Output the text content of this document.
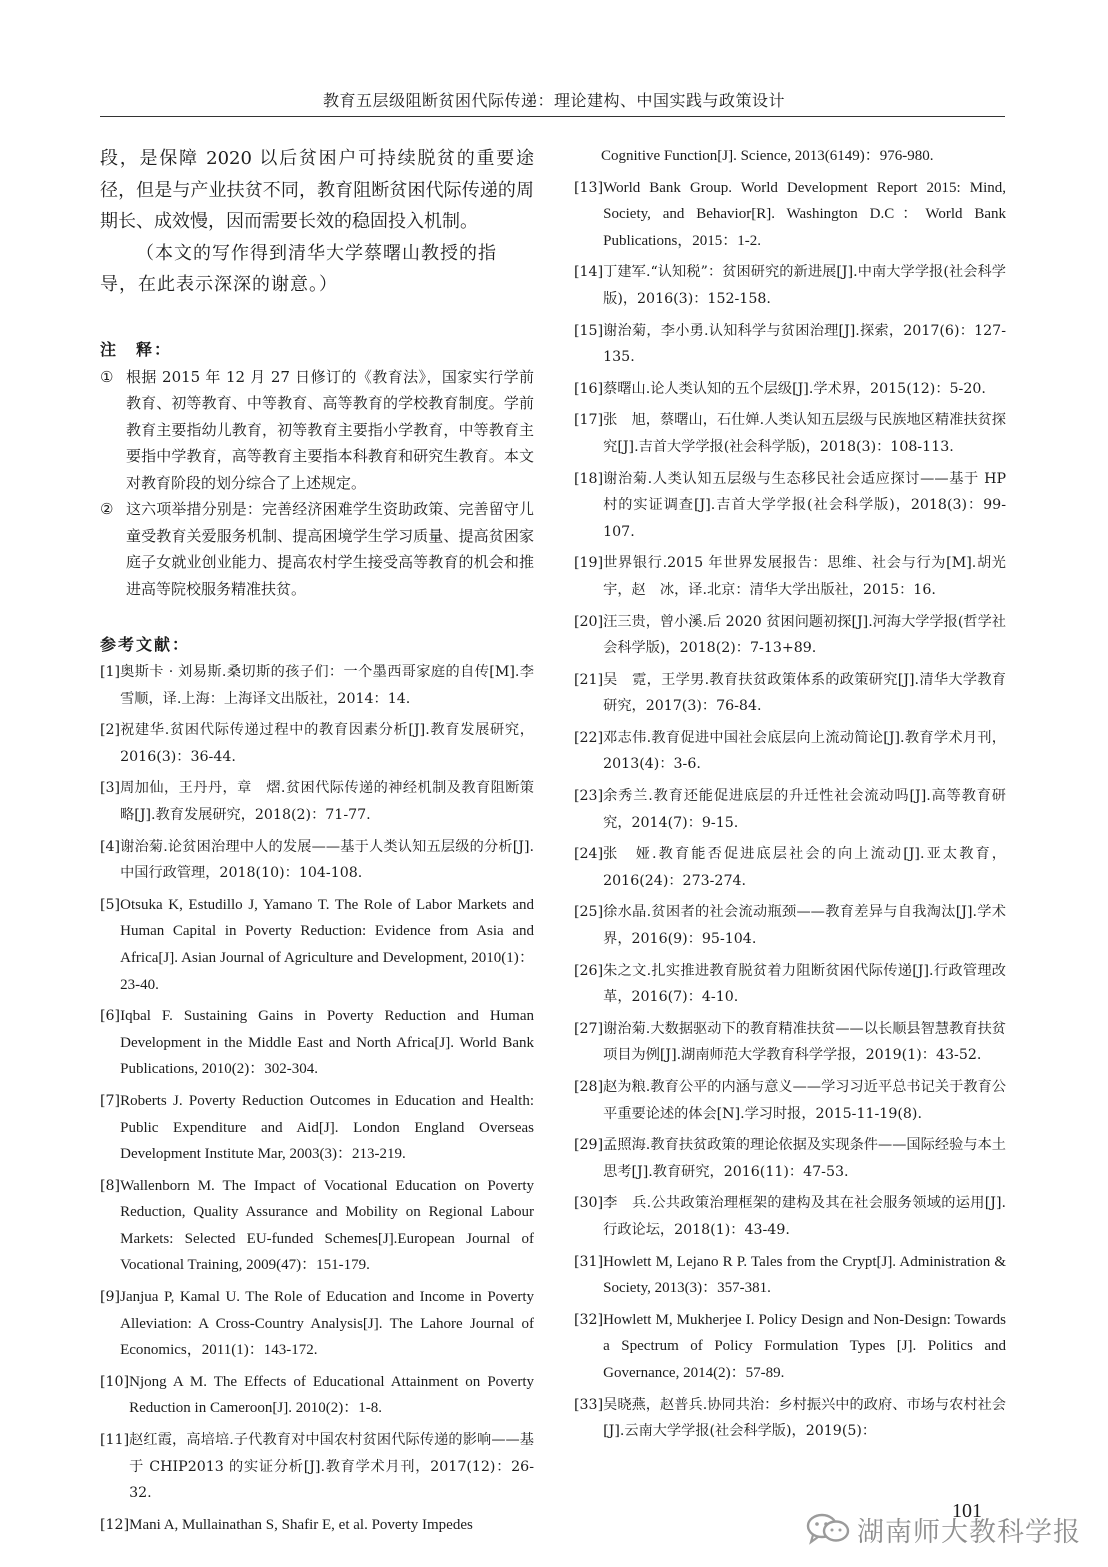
教育五层级阻断贫困代际传递：理论建构、中国实践与政策设计

段，是保障 2020 以后贫困户可持续脱贫的重要途径，但是与产业扶贫不同，教育阻断贫困代际传递的周期长、成效慢，因而需要长效的稳固投入机制。

（本文的写作得到清华大学蔡曙山教授的指导，在此表示深深的谢意。）

注　释：

① 根据 2015 年 12 月 27 日修订的《教育法》，国家实行学前教育、初等教育、中等教育、高等教育的学校教育制度。学前教育主要指幼儿教育，初等教育主要指小学教育，中等教育主要指中学教育，高等教育主要指本科教育和研究生教育。本文对教育阶段的划分综合了上述规定。

② 这六项举措分别是：完善经济困难学生资助政策、完善留守儿童受教育关爱服务机制、提高困境学生学习质量、提高贫困家庭子女就业创业能力、提高农村学生接受高等教育的机会和推进高等院校服务精准扶贫。

参考文献：
[1] 奥斯卡 · 刘易斯.桑切斯的孩子们：一个墨西哥家庭的自传[M].李雪顺，译.上海：上海译文出版社，2014：14.
[2] 祝建华.贫困代际传递过程中的教育因素分析[J].教育发展研究，2016(3)：36-44.
[3] 周加仙，王丹丹，章　熠.贫困代际传递的神经机制及教育阻断策略[J].教育发展研究，2018(2)：71-77.
[4] 谢治菊.论贫困治理中人的发展——基于人类认知五层级的分析[J].中国行政管理，2018(10)：104-108.
[5] Otsuka K, Estudillo J, Yamano T. The Role of Labor Markets and Human Capital in Poverty Reduction: Evidence from Asia and Africa[J]. Asian Journal of Agriculture and Development, 2010(1)：23-40.
[6] Iqbal F. Sustaining Gains in Poverty Reduction and Human Development in the Middle East and North Africa[J]. World Bank Publications, 2010(2)：302-304.
[7] Roberts J. Poverty Reduction Outcomes in Education and Health: Public Expenditure and Aid[J]. London England Overseas Development Institute Mar, 2003(3)：213-219.
[8] Wallenborn M. The Impact of Vocational Education on Poverty Reduction, Quality Assurance and Mobility on Regional Labour Markets: Selected EU-funded Schemes[J].European Journal of Vocational Training, 2009(47)：151-179.
[9] Janjua P, Kamal U. The Role of Education and Income in Poverty Alleviation: A Cross-Country Analysis[J]. The Lahore Journal of Economics，2011(1)：143-172.
[10] Njong A M. The Effects of Educational Attainment on Poverty Reduction in Cameroon[J]. 2010(2)：1-8.
[11] 赵红霞，高培培.子代教育对中国农村贫困代际传递的影响——基于 CHIP2013 的实证分析[J].教育学术月刊，2017(12)：26-32.
[12] Mani A, Mullainathan S, Shafir E, et al. Poverty Impedes
Cognitive Function[J]. Science, 2013(6149)：976-980.
[13] World Bank Group. World Development Report 2015: Mind, Society, and Behavior[R]. Washington D.C：World Bank Publications，2015：1-2.
[14] 丁建军.“认知税”：贫困研究的新进展[J].中南大学学报(社会科学版)，2016(3)：152-158.
[15] 谢治菊，李小勇.认知科学与贫困治理[J].探索，2017(6)：127-135.
[16] 蔡曙山.论人类认知的五个层级[J].学术界，2015(12)：5-20.
[17] 张　旭，蔡曙山，石仕婵.人类认知五层级与民族地区精准扶贫探究[J].吉首大学学报(社会科学版)，2018(3)：108-113.
[18] 谢治菊.人类认知五层级与生态移民社会适应探讨——基于 HP 村的实证调查[J].吉首大学学报(社会科学版)，2018(3)：99-107.
[19] 世界银行.2015 年世界发展报告：思维、社会与行为[M].胡光宇，赵　冰，译.北京：清华大学出版社，2015：16.
[20] 汪三贵，曾小溪.后 2020 贫困问题初探[J].河海大学学报(哲学社会科学版)，2018(2)：7-13+89.
[21] 吴　霓，王学男.教育扶贫政策体系的政策研究[J].清华大学教育研究，2017(3)：76-84.
[22] 邓志伟.教育促进中国社会底层向上流动简论[J].教育学术月刊，2013(4)：3-6.
[23] 余秀兰.教育还能促进底层的升迁性社会流动吗[J].高等教育研究，2014(7)：9-15.
[24] 张　娅.教育能否促进底层社会的向上流动[J].亚太教育，2016(24)：273-274.
[25] 徐水晶.贫困者的社会流动瓶颈——教育差异与自我淘汰[J].学术界，2016(9)：95-104.
[26] 朱之文.扎实推进教育脱贫着力阻断贫困代际传递[J].行政管理改革，2016(7)：4-10.
[27] 谢治菊.大数据驱动下的教育精准扶贫——以长顺县智慧教育扶贫项目为例[J].湖南师范大学教育科学学报，2019(1)：43-52.
[28] 赵为粮.教育公平的内涵与意义——学习习近平总书记关于教育公平重要论述的体会[N].学习时报，2015-11-19(8).
[29] 孟照海.教育扶贫政策的理论依据及实现条件——国际经验与本土思考[J].教育研究，2016(11)：47-53.
[30] 李　兵.公共政策治理框架的建构及其在社会服务领域的运用[J].行政论坛，2018(1)：43-49.
[31] Howlett M, Lejano R P. Tales from the Crypt[J]. Administration & Society, 2013(3)：357-381.
[32] Howlett M, Mukherjee I. Policy Design and Non-Design: Towards a Spectrum of Policy Formulation Types [J]. Politics and Governance, 2014(2)：57-89.
[33] 吴晓燕，赵普兵.协同共治：乡村振兴中的政府、市场与农村社会[J].云南大学学报(社会科学版)，2019(5)：
101
湖南师大教科学报
